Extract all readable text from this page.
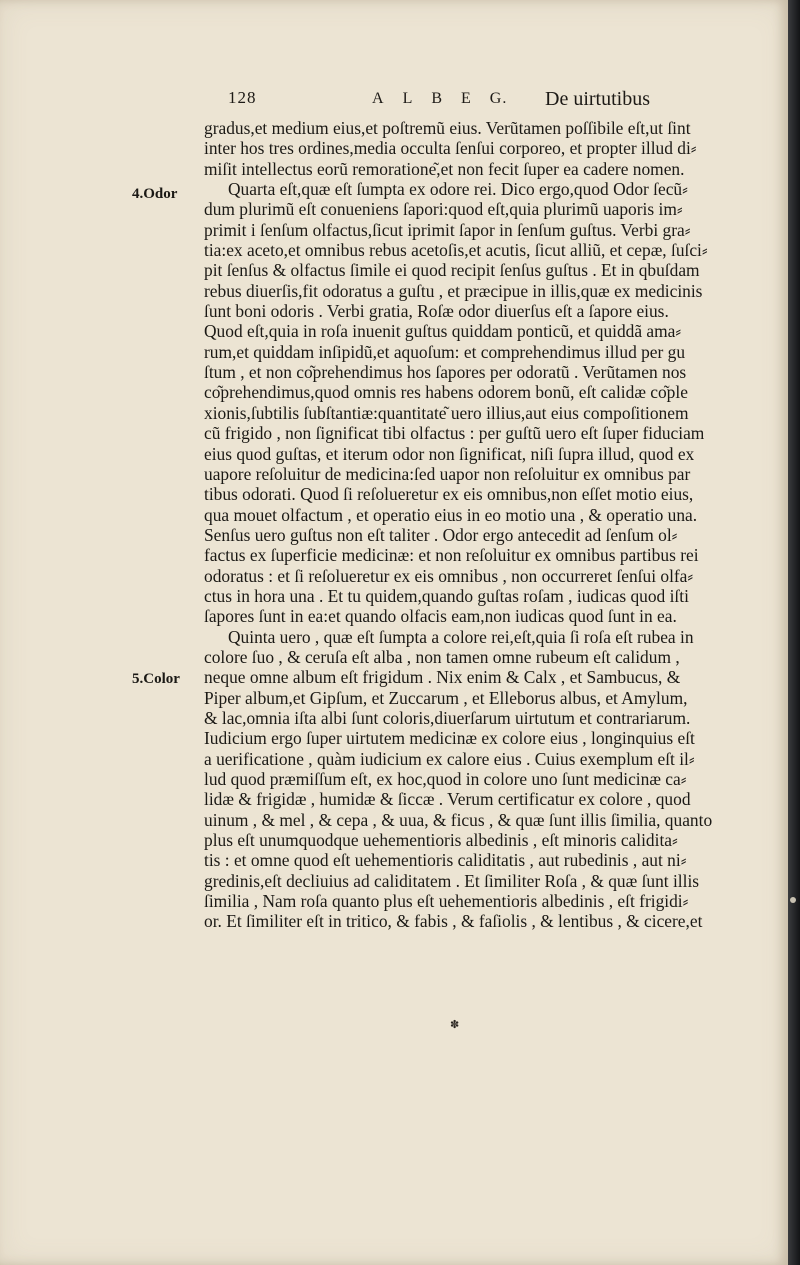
128	A L B E G.	De uirtutibus
4.Odor
5.Color
gradus,et medium eius,et poſtremũ eius. Verũtamen poſſibile eſt,ut ſint
inter hos tres ordines,media occulta ſenſui corporeo, et propter illud di⸗
miſit intellectus eorũ remoratione͂,et non fecit ſuper ea cadere nomen.
Quarta eſt,quæ eſt ſumpta ex odore rei. Dico ergo,quod Odor ſecũ⸗
dum plurimũ eſt conueniens ſapori:quod eſt,quia plurimũ uaporis im⸗
primit i ſenſum olfactus,ſicut iprimit ſapor in ſenſum guſtus. Verbi gra⸗
tia:ex aceto,et omnibus rebus acetoſis,et acutis, ſicut alliũ, et cepæ, ſuſci⸗
pit ſenſus & olfactus ſimile ei quod recipit ſenſus guſtus . Et in qbuſdam
rebus diuerſis,fit odoratus a guſtu , et præcipue in illis,quæ ex medicinis
ſunt boni odoris . Verbi gratia, Roſæ odor diuerſus eſt a ſapore eius.
Quod eſt,quia in roſa inuenit guſtus quiddam ponticũ, et quiddã ama⸗
rum,et quiddam inſipidũ,et aquoſum: et comprehendimus illud per gu
ſtum , et non co͂prehendimus hos ſapores per odoratũ . Verũtamen nos
co͂prehendimus,quod omnis res habens odorem bonũ, eſt calidæ co͂ple
xionis,ſubtilis ſubſtantiæ:quantitate͂ uero illius,aut eius compoſitionem
cũ frigido , non ſignificat tibi olfactus : per guſtũ uero eſt ſuper fiduciam
eius quod guſtas, et iterum odor non ſignificat, niſi ſupra illud, quod ex
uapore reſoluitur de medicina:ſed uapor non reſoluitur ex omnibus par
tibus odorati. Quod ſi reſolueretur ex eis omnibus,non eſſet motio eius,
qua mouet olfactum , et operatio eius in eo motio una , & operatio una.
Senſus uero guſtus non eſt taliter . Odor ergo antecedit ad ſenſum ol⸗
factus ex ſuperficie medicinæ: et non reſoluitur ex omnibus partibus rei
odoratus : et ſi reſolueretur ex eis omnibus , non occurreret ſenſui olfa⸗
ctus in hora una . Et tu quidem,quando guſtas roſam , iudicas quod iſti
ſapores ſunt in ea:et quando olfacis eam,non iudicas quod ſunt in ea.
Quinta uero , quæ eſt ſumpta a colore rei,eſt,quia ſi roſa eſt rubea in
colore ſuo , & ceruſa eſt alba , non tamen omne rubeum eſt calidum ,
neque omne album eſt frigidum . Nix enim & Calx , et Sambucus, &
Piper album,et Gipſum, et Zuccarum , et Elleborus albus, et Amylum,
& lac,omnia iſta albi ſunt coloris,diuerſarum uirtutum et contrariarum.
Iudicium ergo ſuper uirtutem medicinæ ex colore eius , longinquius eſt
a uerificatione , quàm iudicium ex calore eius . Cuius exemplum eſt il⸗
lud quod præmiſſum eſt, ex hoc,quod in colore uno ſunt medicinæ ca⸗
lidæ & frigidæ , humidæ & ſiccæ . Verum certificatur ex colore , quod
uinum , & mel , & cepa , & uua, & ficus , & quæ ſunt illis ſimilia, quanto
plus eſt unumquodque uehementioris albedinis , eſt minoris calidita⸗
tis : et omne quod eſt uehementioris caliditatis , aut rubedinis , aut ni⸗
gredinis,eſt decliuius ad caliditatem . Et ſimiliter Roſa , & quæ ſunt illis
ſimilia , Nam roſa quanto plus eſt uehementioris albedinis , eſt frigidi⸗
or. Et ſimiliter eſt in tritico, & fabis , & faſiolis , & lentibus , & cicere,et
✽
